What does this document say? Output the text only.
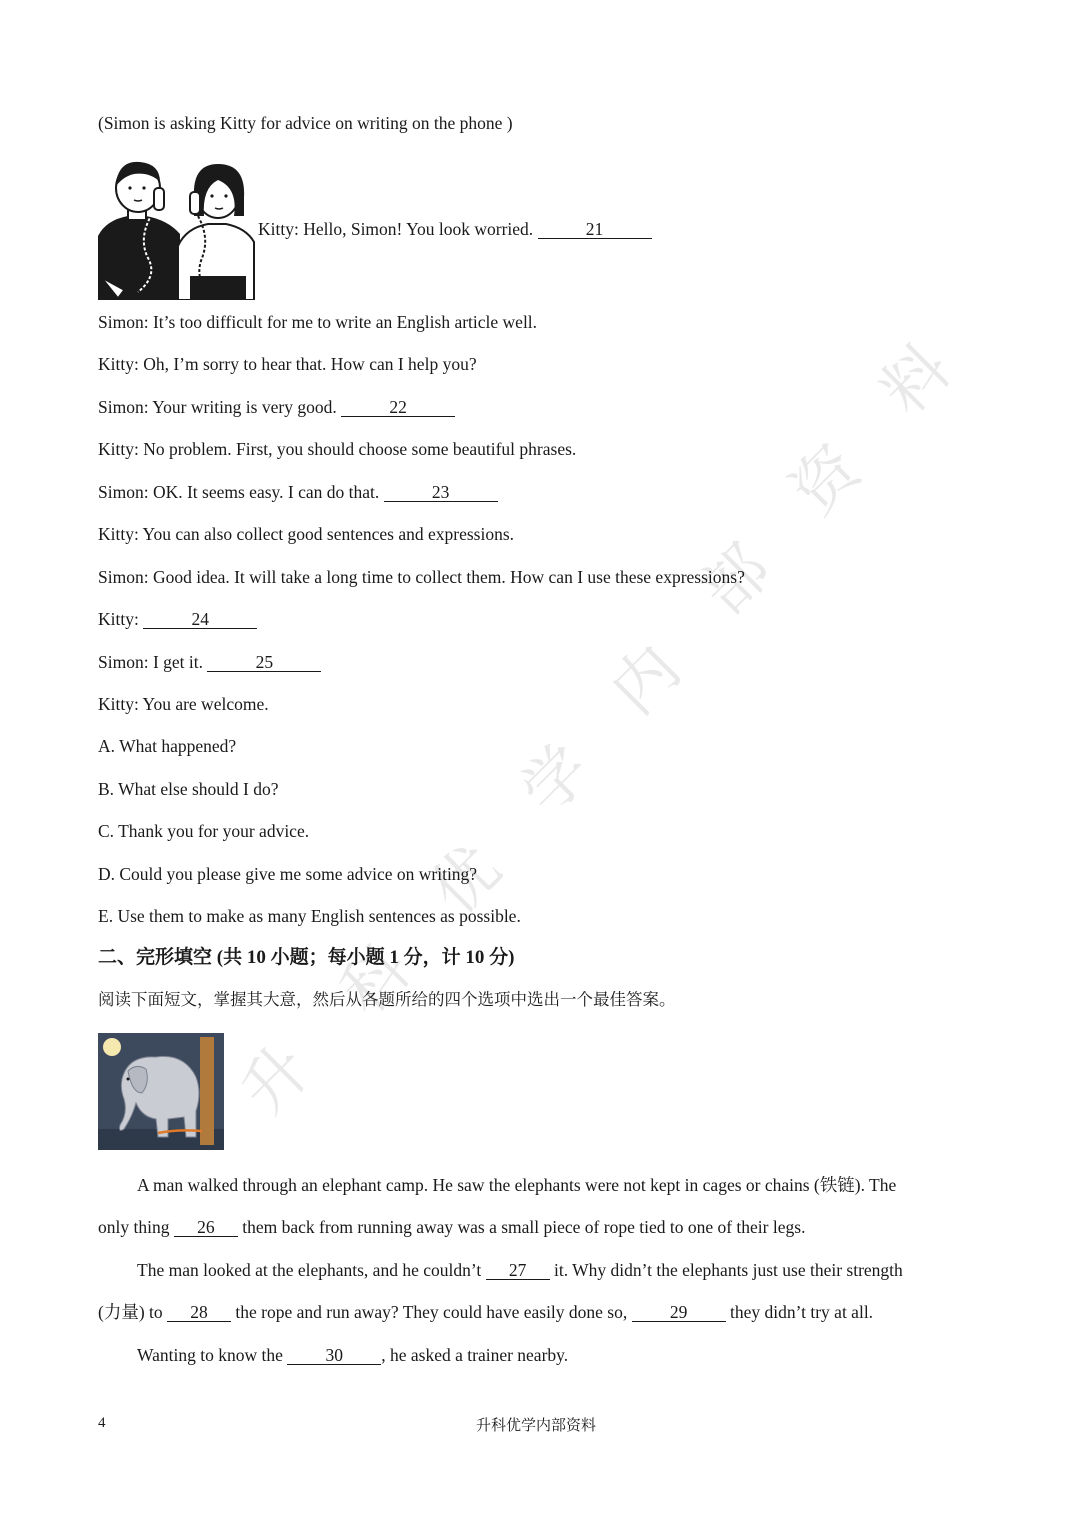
升
科
优
学
内
部
资
料
(Simon is asking Kitty for advice on writing on the phone )
Kitty: Hello, Simon! You look worried.	21
Simon: It’s too difficult for me to write an English article well.
Kitty: Oh, I’m sorry to hear that. How can I help you?
Simon: Your writing is very good.	22
Kitty: No problem. First, you should choose some beautiful phrases.
Simon: OK. It seems easy. I can do that.	23
Kitty: You can also collect good sentences and expressions.
Simon: Good idea. It will take a long time to collect them. How can I use these expressions?
Kitty:	24
Simon: I get it.	25
Kitty: You are welcome.
A. What happened?
B. What else should I do?
C. Thank you for your advice.
D. Could you please give me some advice on writing?
E. Use them to make as many English sentences as possible.
二、完形填空 (共 10 小题；每小题 1 分，计 10 分)
阅读下面短文，掌握其大意，然后从各题所给的四个选项中选出一个最佳答案。
A man walked through an elephant camp. He saw the elephants were not kept in cages or chains (铁链). The
only thing 26 them back from running away was a small piece of rope tied to one of their legs.
The man looked at the elephants, and he couldn’t 27 it. Why didn’t the elephants just use their strength
(力量) to 28 the rope and run away? They could have easily done so, 29 they didn’t try at all.
Wanting to know the 30 , he asked a trainer nearby.
4	升科优学内部资料
